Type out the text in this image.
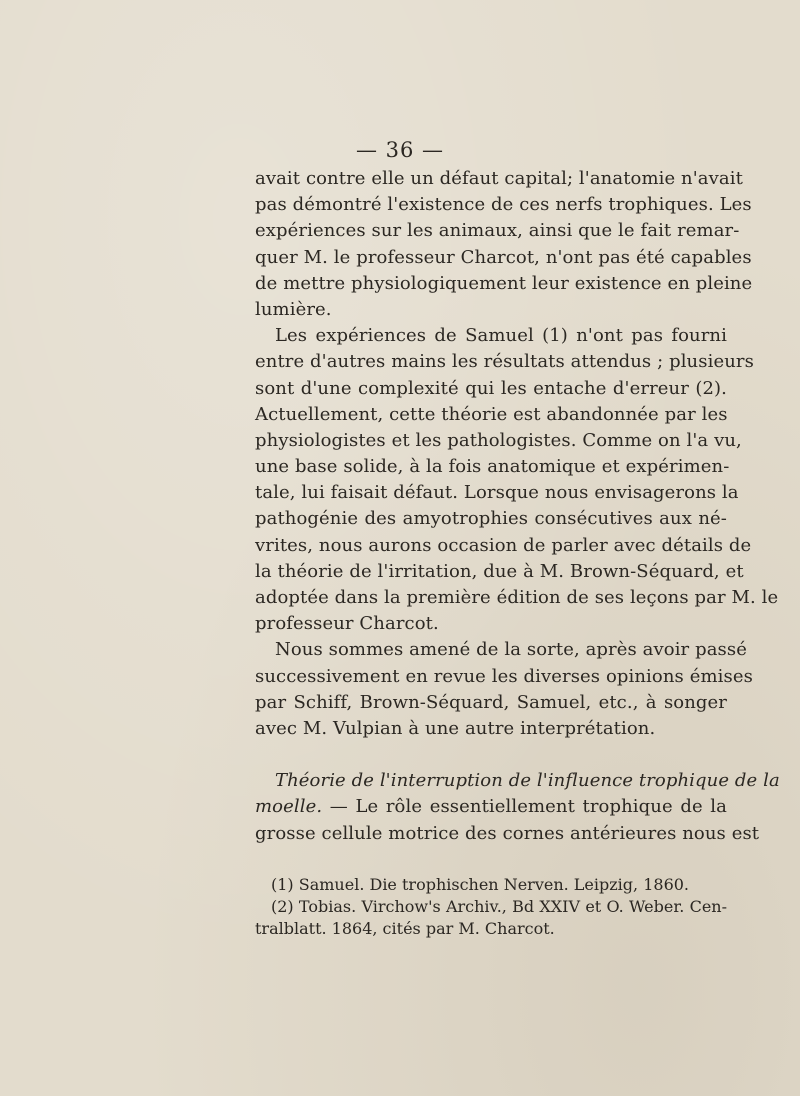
— 36 —
avait contre elle un défaut capital; l'anatomie n'avait
pas démontré l'existence de ces nerfs trophiques. Les
expériences sur les animaux, ainsi que le fait remar-
quer M. le professeur Charcot, n'ont pas été capables
de mettre physiologiquement leur existence en pleine
lumière.
Les expériences de Samuel (1) n'ont pas fourni
entre d'autres mains les résultats attendus ; plusieurs
sont d'une complexité qui les entache d'erreur (2).
Actuellement, cette théorie est abandonnée par les
physiologistes et les pathologistes. Comme on l'a vu,
une base solide, à la fois anatomique et expérimen-
tale, lui faisait défaut. Lorsque nous envisagerons la
pathogénie des amyotrophies consécutives aux né-
vrites, nous aurons occasion de parler avec détails de
la théorie de l'irritation, due à M. Brown-Séquard, et
adoptée dans la première édition de ses leçons par M. le
professeur Charcot.
Nous sommes amené de la sorte, après avoir passé
successivement en revue les diverses opinions émises
par Schiff, Brown-Séquard, Samuel, etc., à songer
avec M. Vulpian à une autre interprétation.
Théorie de l'interruption de l'influence trophique de la
moelle. — Le rôle essentiellement trophique de la
grosse cellule motrice des cornes antérieures nous est
(1) Samuel. Die trophischen Nerven. Leipzig, 1860.
(2) Tobias. Virchow's Archiv., Bd XXIV et O. Weber. Cen-
tralblatt. 1864, cités par M. Charcot.
